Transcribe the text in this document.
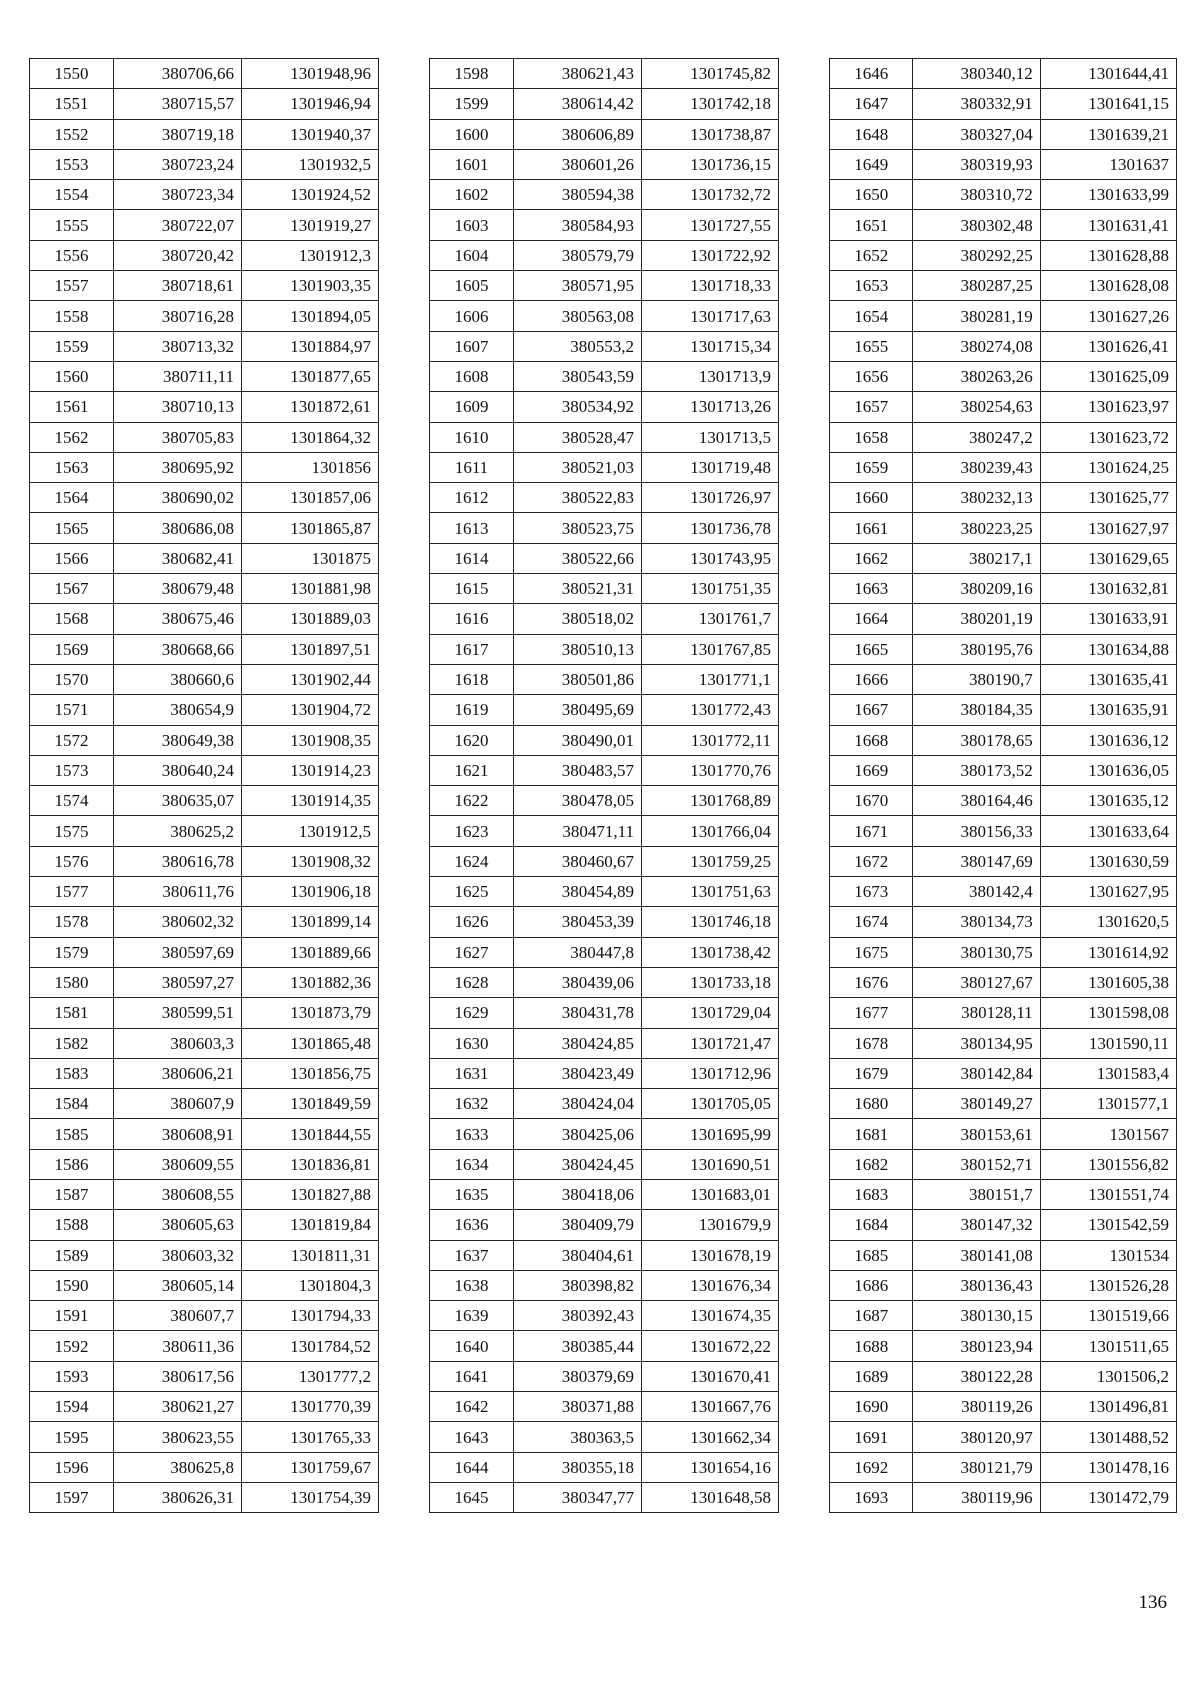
1550	380706,66	1301948,96
1551	380715,57	1301946,94
1552	380719,18	1301940,37
1553	380723,24	1301932,5
1554	380723,34	1301924,52
1555	380722,07	1301919,27
1556	380720,42	1301912,3
1557	380718,61	1301903,35
1558	380716,28	1301894,05
1559	380713,32	1301884,97
1560	380711,11	1301877,65
1561	380710,13	1301872,61
1562	380705,83	1301864,32
1563	380695,92	1301856
1564	380690,02	1301857,06
1565	380686,08	1301865,87
1566	380682,41	1301875
1567	380679,48	1301881,98
1568	380675,46	1301889,03
1569	380668,66	1301897,51
1570	380660,6	1301902,44
1571	380654,9	1301904,72
1572	380649,38	1301908,35
1573	380640,24	1301914,23
1574	380635,07	1301914,35
1575	380625,2	1301912,5
1576	380616,78	1301908,32
1577	380611,76	1301906,18
1578	380602,32	1301899,14
1579	380597,69	1301889,66
1580	380597,27	1301882,36
1581	380599,51	1301873,79
1582	380603,3	1301865,48
1583	380606,21	1301856,75
1584	380607,9	1301849,59
1585	380608,91	1301844,55
1586	380609,55	1301836,81
1587	380608,55	1301827,88
1588	380605,63	1301819,84
1589	380603,32	1301811,31
1590	380605,14	1301804,3
1591	380607,7	1301794,33
1592	380611,36	1301784,52
1593	380617,56	1301777,2
1594	380621,27	1301770,39
1595	380623,55	1301765,33
1596	380625,8	1301759,67
1597	380626,31	1301754,39
1598	380621,43	1301745,82
1599	380614,42	1301742,18
1600	380606,89	1301738,87
1601	380601,26	1301736,15
1602	380594,38	1301732,72
1603	380584,93	1301727,55
1604	380579,79	1301722,92
1605	380571,95	1301718,33
1606	380563,08	1301717,63
1607	380553,2	1301715,34
1608	380543,59	1301713,9
1609	380534,92	1301713,26
1610	380528,47	1301713,5
1611	380521,03	1301719,48
1612	380522,83	1301726,97
1613	380523,75	1301736,78
1614	380522,66	1301743,95
1615	380521,31	1301751,35
1616	380518,02	1301761,7
1617	380510,13	1301767,85
1618	380501,86	1301771,1
1619	380495,69	1301772,43
1620	380490,01	1301772,11
1621	380483,57	1301770,76
1622	380478,05	1301768,89
1623	380471,11	1301766,04
1624	380460,67	1301759,25
1625	380454,89	1301751,63
1626	380453,39	1301746,18
1627	380447,8	1301738,42
1628	380439,06	1301733,18
1629	380431,78	1301729,04
1630	380424,85	1301721,47
1631	380423,49	1301712,96
1632	380424,04	1301705,05
1633	380425,06	1301695,99
1634	380424,45	1301690,51
1635	380418,06	1301683,01
1636	380409,79	1301679,9
1637	380404,61	1301678,19
1638	380398,82	1301676,34
1639	380392,43	1301674,35
1640	380385,44	1301672,22
1641	380379,69	1301670,41
1642	380371,88	1301667,76
1643	380363,5	1301662,34
1644	380355,18	1301654,16
1645	380347,77	1301648,58
1646	380340,12	1301644,41
1647	380332,91	1301641,15
1648	380327,04	1301639,21
1649	380319,93	1301637
1650	380310,72	1301633,99
1651	380302,48	1301631,41
1652	380292,25	1301628,88
1653	380287,25	1301628,08
1654	380281,19	1301627,26
1655	380274,08	1301626,41
1656	380263,26	1301625,09
1657	380254,63	1301623,97
1658	380247,2	1301623,72
1659	380239,43	1301624,25
1660	380232,13	1301625,77
1661	380223,25	1301627,97
1662	380217,1	1301629,65
1663	380209,16	1301632,81
1664	380201,19	1301633,91
1665	380195,76	1301634,88
1666	380190,7	1301635,41
1667	380184,35	1301635,91
1668	380178,65	1301636,12
1669	380173,52	1301636,05
1670	380164,46	1301635,12
1671	380156,33	1301633,64
1672	380147,69	1301630,59
1673	380142,4	1301627,95
1674	380134,73	1301620,5
1675	380130,75	1301614,92
1676	380127,67	1301605,38
1677	380128,11	1301598,08
1678	380134,95	1301590,11
1679	380142,84	1301583,4
1680	380149,27	1301577,1
1681	380153,61	1301567
1682	380152,71	1301556,82
1683	380151,7	1301551,74
1684	380147,32	1301542,59
1685	380141,08	1301534
1686	380136,43	1301526,28
1687	380130,15	1301519,66
1688	380123,94	1301511,65
1689	380122,28	1301506,2
1690	380119,26	1301496,81
1691	380120,97	1301488,52
1692	380121,79	1301478,16
1693	380119,96	1301472,79
136
